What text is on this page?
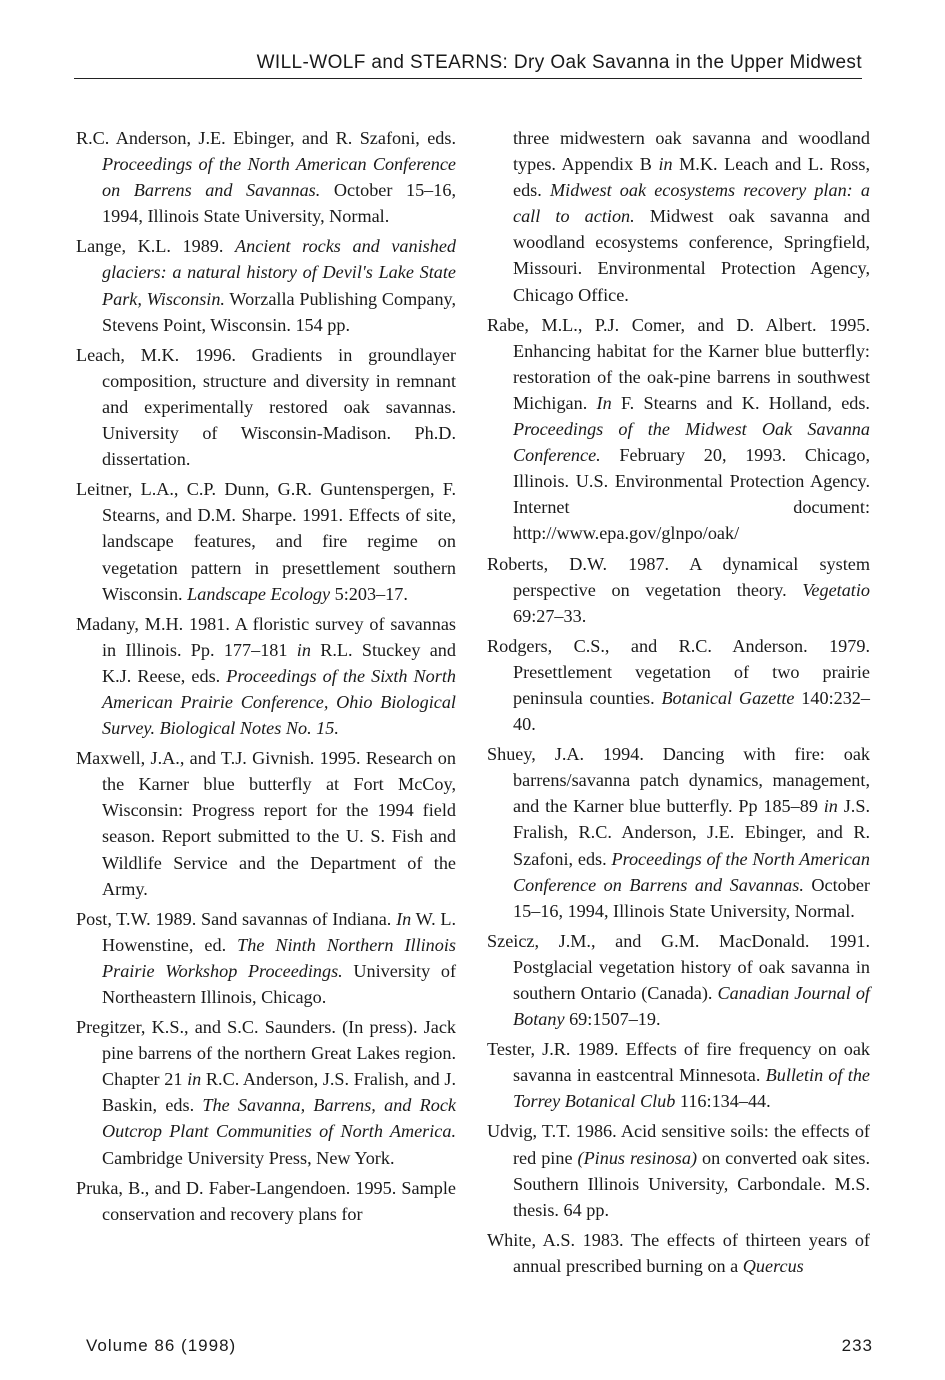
WILL-WOLF and STEARNS: Dry Oak Savanna in the Upper Midwest

R.C. Anderson, J.E. Ebinger, and R. Szafoni, eds. Proceedings of the North American Conference on Barrens and Savannas. October 15–16, 1994, Illinois State University, Normal.

Lange, K.L. 1989. Ancient rocks and vanished glaciers: a natural history of Devil's Lake State Park, Wisconsin. Worzalla Publishing Company, Stevens Point, Wisconsin. 154 pp.

Leach, M.K. 1996. Gradients in groundlayer composition, structure and diversity in remnant and experimentally restored oak savannas. University of Wisconsin-Madison. Ph.D. dissertation.

Leitner, L.A., C.P. Dunn, G.R. Guntenspergen, F. Stearns, and D.M. Sharpe. 1991. Effects of site, landscape features, and fire regime on vegetation pattern in presettlement southern Wisconsin. Landscape Ecology 5:203–17.

Madany, M.H. 1981. A floristic survey of savannas in Illinois. Pp. 177–181 in R.L. Stuckey and K.J. Reese, eds. Proceedings of the Sixth North American Prairie Conference, Ohio Biological Survey. Biological Notes No. 15.

Maxwell, J.A., and T.J. Givnish. 1995. Research on the Karner blue butterfly at Fort McCoy, Wisconsin: Progress report for the 1994 field season. Report submitted to the U. S. Fish and Wildlife Service and the Department of the Army.

Post, T.W. 1989. Sand savannas of Indiana. In W. L. Howenstine, ed. The Ninth Northern Illinois Prairie Workshop Proceedings. University of Northeastern Illinois, Chicago.

Pregitzer, K.S., and S.C. Saunders. (In press). Jack pine barrens of the northern Great Lakes region. Chapter 21 in R.C. Anderson, J.S. Fralish, and J. Baskin, eds. The Savanna, Barrens, and Rock Outcrop Plant Communities of North America. Cambridge University Press, New York.

Pruka, B., and D. Faber-Langendoen. 1995. Sample conservation and recovery plans for

three midwestern oak savanna and woodland types. Appendix B in M.K. Leach and L. Ross, eds. Midwest oak ecosystems recovery plan: a call to action. Midwest oak savanna and woodland ecosystems conference, Springfield, Missouri. Environmental Protection Agency, Chicago Office.

Rabe, M.L., P.J. Comer, and D. Albert. 1995. Enhancing habitat for the Karner blue butterfly: restoration of the oak-pine barrens in southwest Michigan. In F. Stearns and K. Holland, eds. Proceedings of the Midwest Oak Savanna Conference. February 20, 1993. Chicago, Illinois. U.S. Environmental Protection Agency. Internet document: http://www.epa.gov/glnpo/oak/

Roberts, D.W. 1987. A dynamical system perspective on vegetation theory. Vegetatio 69:27–33.

Rodgers, C.S., and R.C. Anderson. 1979. Presettlement vegetation of two prairie peninsula counties. Botanical Gazette 140:232–40.

Shuey, J.A. 1994. Dancing with fire: oak barrens/savanna patch dynamics, management, and the Karner blue butterfly. Pp 185–89 in J.S. Fralish, R.C. Anderson, J.E. Ebinger, and R. Szafoni, eds. Proceedings of the North American Conference on Barrens and Savannas. October 15–16, 1994, Illinois State University, Normal.

Szeicz, J.M., and G.M. MacDonald. 1991. Postglacial vegetation history of oak savanna in southern Ontario (Canada). Canadian Journal of Botany 69:1507–19.

Tester, J.R. 1989. Effects of fire frequency on oak savanna in eastcentral Minnesota. Bulletin of the Torrey Botanical Club 116:134–44.

Udvig, T.T. 1986. Acid sensitive soils: the effects of red pine (Pinus resinosa) on converted oak sites. Southern Illinois University, Carbondale. M.S. thesis. 64 pp.

White, A.S. 1983. The effects of thirteen years of annual prescribed burning on a Quercus

Volume 86 (1998)	233
